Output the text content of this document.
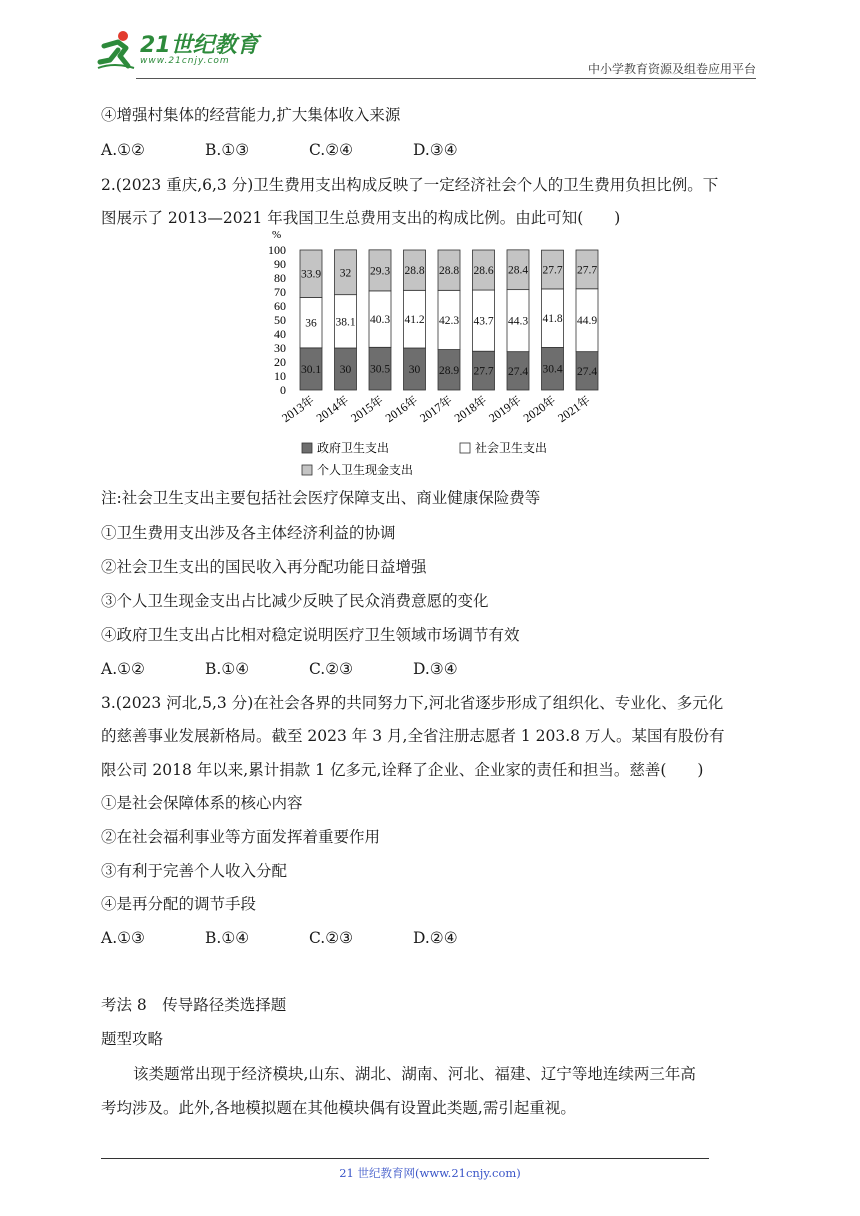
21世纪教育
www.21cnjy.com
中小学教育资源及组卷应用平台
④增强村集体的经营能力,扩大集体收入来源
A.①②	B.①③	C.②④	D.③④
2.(2023 重庆,6,3 分)卫生费用支出构成反映了一定经济社会个人的卫生费用负担比例。下
图展示了 2013—2021 年我国卫生总费用支出的构成比例。由此可知(　　)
%
0
10
20
30
40
50
60
70
80
90
100
30.1
36
33.9
2013年
30
38.1
32
2014年
30.5
40.3
29.3
2015年
30
41.2
28.8
2016年
28.9
42.3
28.8
2017年
27.7
43.7
28.6
2018年
27.4
44.3
28.4
2019年
30.4
41.8
27.7
2020年
27.4
44.9
27.7
2021年
政府卫生支出	社会卫生支出
个人卫生现金支出
注:社会卫生支出主要包括社会医疗保障支出、商业健康保险费等
①卫生费用支出涉及各主体经济利益的协调
②社会卫生支出的国民收入再分配功能日益增强
③个人卫生现金支出占比减少反映了民众消费意愿的变化
④政府卫生支出占比相对稳定说明医疗卫生领域市场调节有效
A.①②	B.①④	C.②③	D.③④
3.(2023 河北,5,3 分)在社会各界的共同努力下,河北省逐步形成了组织化、专业化、多元化
的慈善事业发展新格局。截至 2023 年 3 月,全省注册志愿者 1 203.8 万人。某国有股份有
限公司 2018 年以来,累计捐款 1 亿多元,诠释了企业、企业家的责任和担当。慈善(　　)
①是社会保障体系的核心内容
②在社会福利事业等方面发挥着重要作用
③有利于完善个人收入分配
④是再分配的调节手段
A.①③	B.①④	C.②③	D.②④
考法 8　传导路径类选择题
题型攻略
该类题常出现于经济模块,山东、湖北、湖南、河北、福建、辽宁等地连续两三年高
考均涉及。此外,各地模拟题在其他模块偶有设置此类题,需引起重视。
21 世纪教育网(www.21cnjy.com)
